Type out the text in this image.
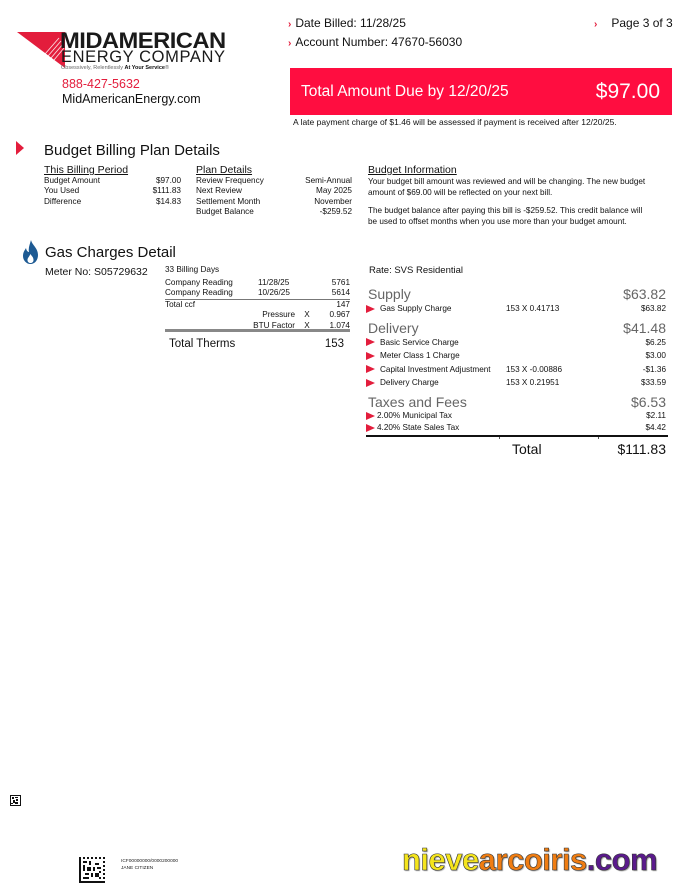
MIDAMERICAN
ENERGY COMPANY
Obsessively, Relentlessly At Your Service®
888-427-5632
MidAmericanEnergy.com
› Date Billed: 11/28/25
› Account Number: 47670-56030
› Page 3 of 3
Total Amount Due by 12/20/25	$97.00
A late payment charge of $1.46 will be assessed if payment is received after 12/20/25.
Budget Billing Plan Details
This Billing Period
Budget Amount	$97.00
You Used	$111.83
Difference	$14.83
Plan Details
Review Frequency	Semi-Annual
Next Review	May 2025
Settlement Month	November
Budget Balance	-$259.52
Budget Information
Your budget bill amount was reviewed and will be changing. The new budget amount of $69.00 will be reflected on your next bill.
The budget balance after paying this bill is -$259.52. This credit balance will be used to offset months when you use more than your budget amount.
Gas Charges Detail
Meter No: S05729632 33 Billing Days
Company Reading	11/28/25	5761
Company Reading	10/26/25	5614
Total ccf	147
Pressure	X	0.967
BTU Factor	X	1.074
Total Therms	153
Rate: SVS Residential
Supply	$63.82
Gas Supply Charge	153 X 0.41713	$63.82
Delivery	$41.48
Basic Service Charge	$6.25
Meter Class 1 Charge	$3.00
Capital Investment Adjustment 153 X -0.00886	-$1.36
Delivery Charge	153 X 0.21951	$33.59
Taxes and Fees	$6.53
2.00% Municipal Tax	$2.11
4.20% State Sales Tax	$4.42
Total	$111.83
ICF00000000/0000200000
JANE CITIZEN	nievearcoiris.com
